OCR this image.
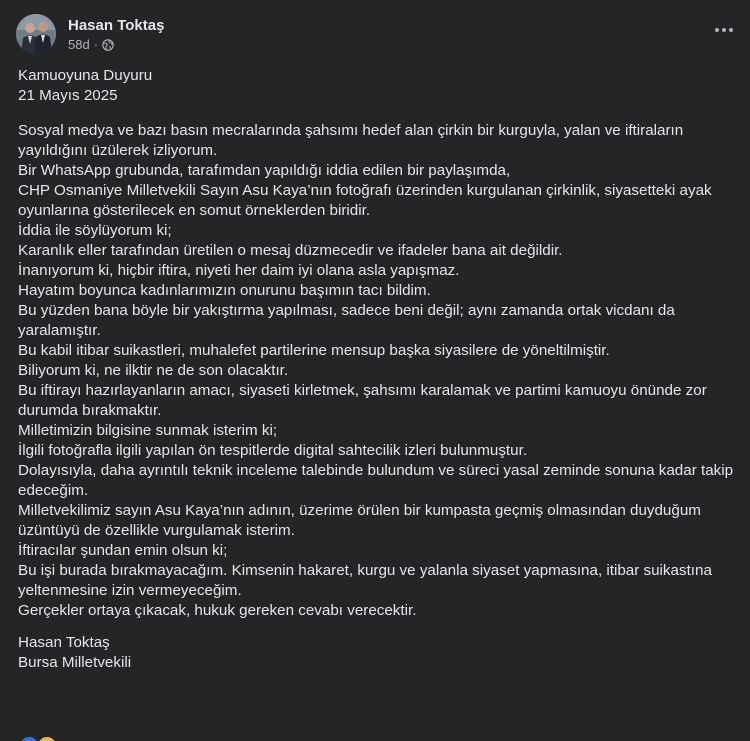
Hasan Toktaş
58d ·

Kamuoyuna Duyuru

21 Mayıs 2025

Sosyal medya ve bazı basın mecralarında şahsımı hedef alan çirkin bir kurguyla, yalan ve iftiraların yayıldığını üzülerek izliyorum.

Bir WhatsApp grubunda, tarafımdan yapıldığı iddia edilen bir paylaşımda,

CHP Osmaniye Milletvekili Sayın Asu Kaya’nın fotoğrafı üzerinden kurgulanan çirkinlik, siyasetteki ayak oyunlarına gösterilecek en somut örneklerden biridir.

İddia ile söylüyorum ki;

Karanlık eller tarafından üretilen o mesaj düzmecedir ve ifadeler bana ait değildir.

İnanıyorum ki, hiçbir iftira, niyeti her daim iyi olana asla yapışmaz.

Hayatım boyunca kadınlarımızın onurunu başımın tacı bildim.

Bu yüzden bana böyle bir yakıştırma yapılması, sadece beni değil; aynı zamanda ortak vicdanı da yaralamıştır.

Bu kabil itibar suikastleri, muhalefet partilerine mensup başka siyasilere de yöneltilmiştir.

Biliyorum ki, ne ilktir ne de son olacaktır.

Bu iftirayı hazırlayanların amacı, siyaseti kirletmek, şahsımı karalamak ve partimi kamuoyu önünde zor durumda bırakmaktır.

Milletimizin bilgisine sunmak isterim ki;

İlgili fotoğrafla ilgili yapılan ön tespitlerde digital sahtecilik izleri bulunmuştur.

Dolayısıyla, daha ayrıntılı teknik inceleme talebinde bulundum ve süreci yasal zeminde sonuna kadar takip edeceğim.

Milletvekilimiz sayın Asu Kaya’nın adının, üzerime örülen bir kumpasta geçmiş olmasından duyduğum üzüntüyü de özellikle vurgulamak isterim.

İftiracılar şundan emin olsun ki;

Bu işi burada bırakmayacağım. Kimsenin hakaret, kurgu ve yalanla siyaset yapmasına, itibar suikastına yeltenmesine izin vermeyeceğim.

Gerçekler ortaya çıkacak, hukuk gereken cevabı verecektir.

Hasan Toktaş

Bursa Milletvekili
